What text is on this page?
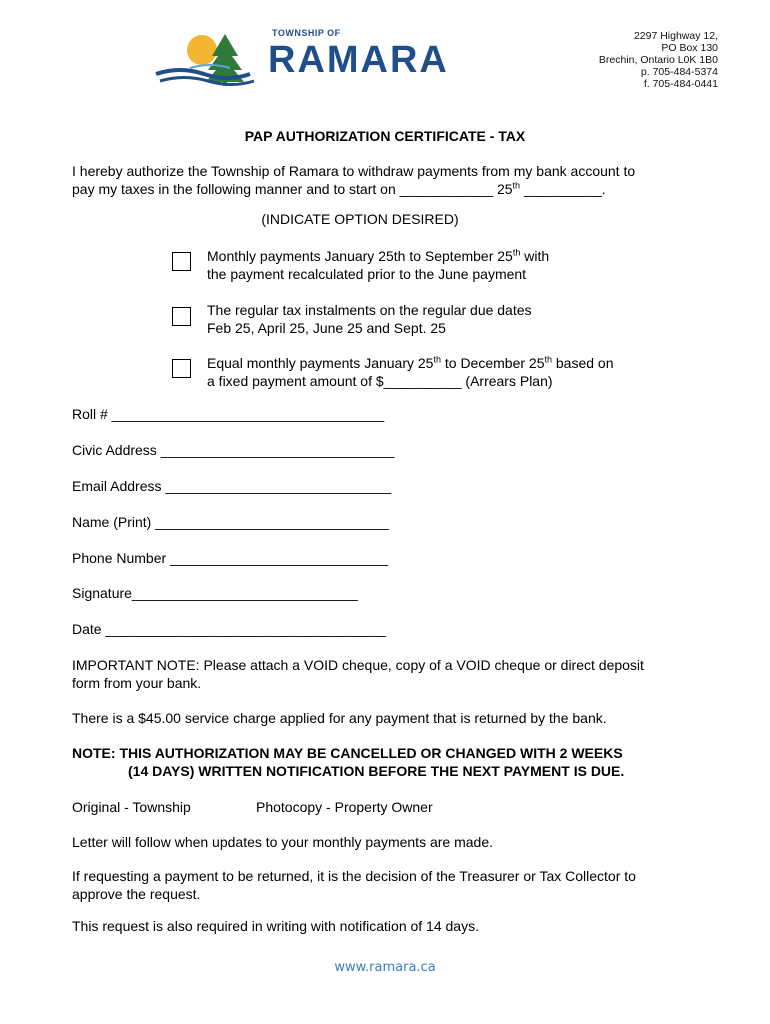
TOWNSHIP OF
RAMARA
2297 Highway 12,
PO Box 130
Brechin, Ontario L0K 1B0
p. 705-484-5374
f. 705-484-0441
PAP AUTHORIZATION CERTIFICATE - TAX
I hereby authorize the Township of Ramara to withdraw payments from my bank account to
pay my taxes in the following manner and to start on ____________ 25th __________.
(INDICATE OPTION DESIRED)
Monthly payments January 25th to September 25th with
the payment recalculated prior to the June payment
The regular tax instalments on the regular due dates
Feb 25, April 25, June 25 and Sept. 25
Equal monthly payments January 25th to December 25th based on
a fixed payment amount of $__________ (Arrears Plan)
Roll # ___________________________________
Civic Address ______________________________
Email Address _____________________________
Name (Print) ______________________________
Phone Number ____________________________
Signature_____________________________
Date ____________________________________
IMPORTANT NOTE: Please attach a VOID cheque, copy of a VOID cheque or direct deposit
form from your bank.
There is a $45.00 service charge applied for any payment that is returned by the bank.
NOTE: THIS AUTHORIZATION MAY BE CANCELLED OR CHANGED WITH 2 WEEKS
(14 DAYS) WRITTEN NOTIFICATION BEFORE THE NEXT PAYMENT IS DUE.
Original - Township	Photocopy - Property Owner
Letter will follow when updates to your monthly payments are made.
If requesting a payment to be returned, it is the decision of the Treasurer or Tax Collector to
approve the request.
This request is also required in writing with notification of 14 days.
www.ramara.ca
